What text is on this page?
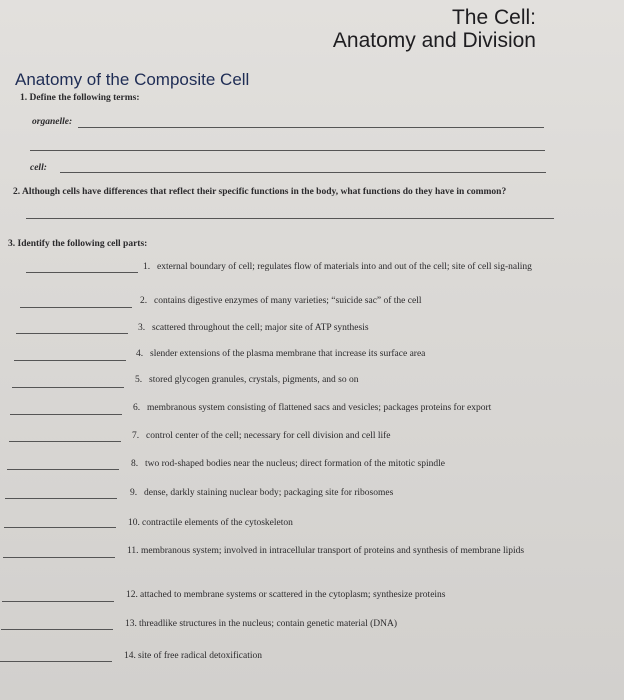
The Cell:
Anatomy and Division
Anatomy of the Composite Cell
1. Define the following terms:
organelle:
cell:
2. Although cells have differences that reflect their specific functions in the body, what functions do they have in common?
3. Identify the following cell parts:
1. external boundary of cell; regulates flow of materials into and out of the cell; site of cell sig-naling
2. contains digestive enzymes of many varieties; “suicide sac” of the cell
3. scattered throughout the cell; major site of ATP synthesis
4. slender extensions of the plasma membrane that increase its surface area
5. stored glycogen granules, crystals, pigments, and so on
6. membranous system consisting of flattened sacs and vesicles; packages proteins for export
7. control center of the cell; necessary for cell division and cell life
8. two rod-shaped bodies near the nucleus; direct formation of the mitotic spindle
9. dense, darkly staining nuclear body; packaging site for ribosomes
10. contractile elements of the cytoskeleton
11. membranous system; involved in intracellular transport of proteins and synthesis of membrane lipids
12. attached to membrane systems or scattered in the cytoplasm; synthesize proteins
13. threadlike structures in the nucleus; contain genetic material (DNA)
14. site of free radical detoxification
